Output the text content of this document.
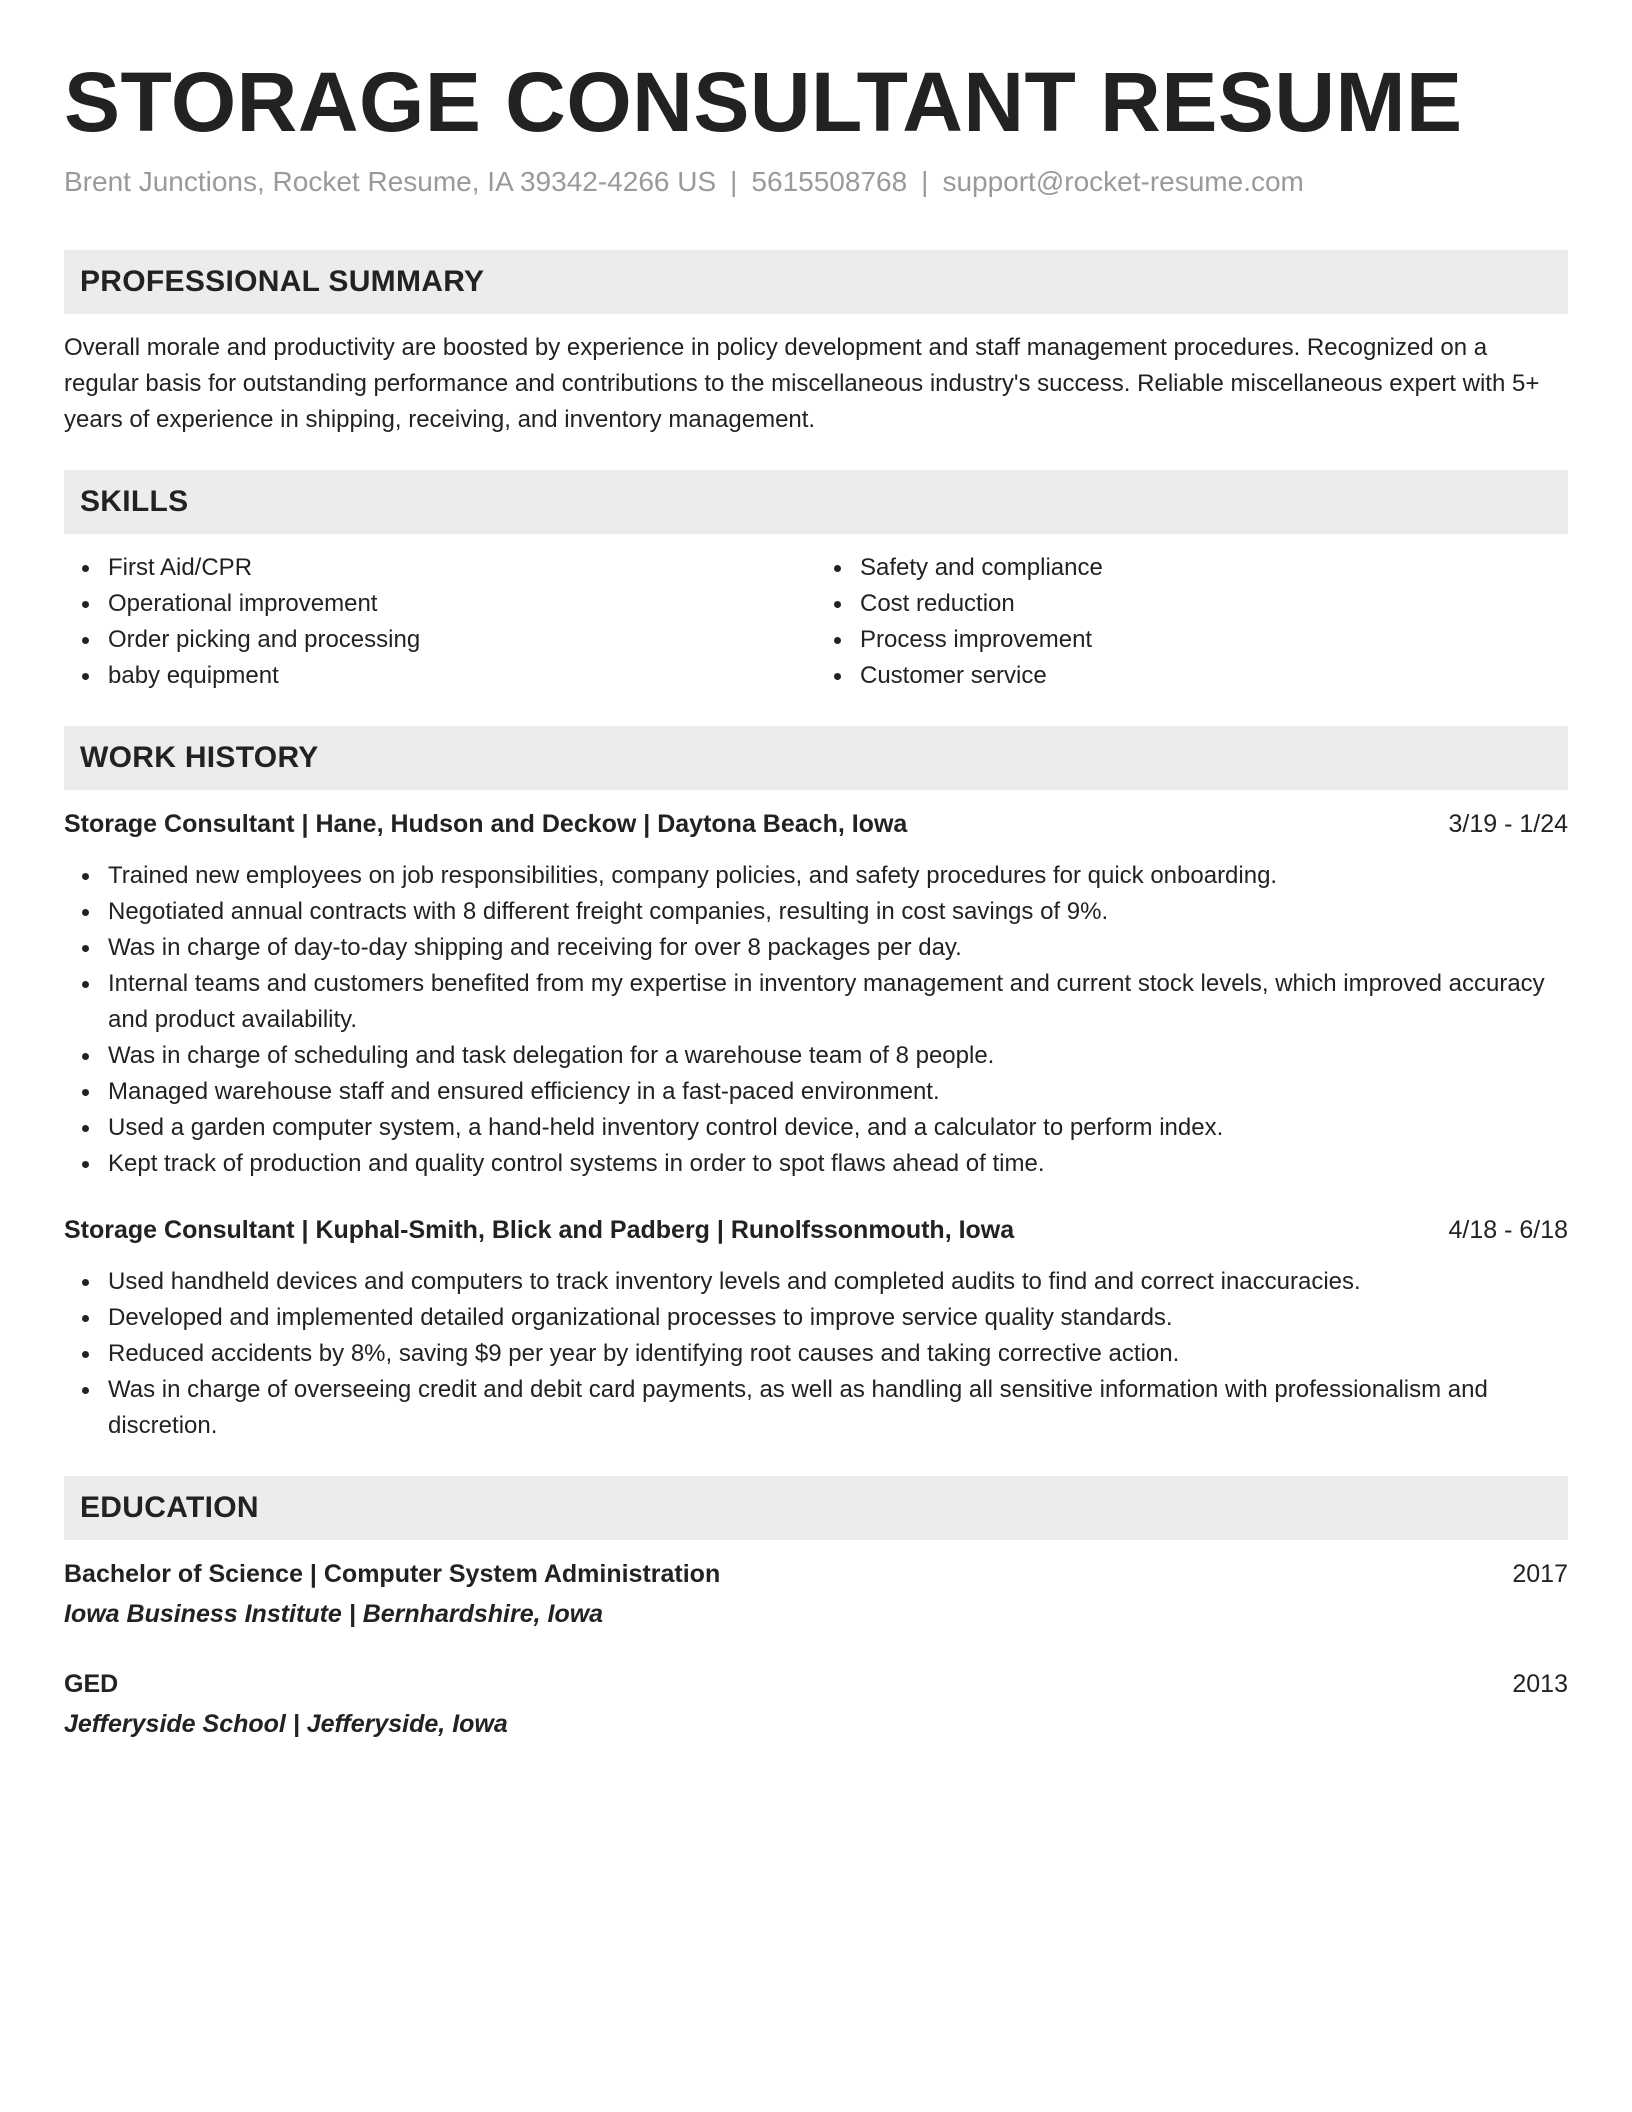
STORAGE CONSULTANT RESUME
Brent Junctions, Rocket Resume, IA 39342-4266 US | 5615508768 | support@rocket-resume.com
PROFESSIONAL SUMMARY

Overall morale and productivity are boosted by experience in policy development and staff management procedures. Recognized on a regular basis for outstanding performance and contributions to the miscellaneous industry's success. Reliable miscellaneous expert with 5+ years of experience in shipping, receiving, and inventory management.

SKILLS
First Aid/CPR
Operational improvement
Order picking and processing
baby equipment
Safety and compliance
Cost reduction
Process improvement
Customer service
WORK HISTORY
Storage Consultant | Hane, Hudson and Deckow | Daytona Beach, Iowa	3/19 - 1/24
Trained new employees on job responsibilities, company policies, and safety procedures for quick onboarding.
Negotiated annual contracts with 8 different freight companies, resulting in cost savings of 9%.
Was in charge of day-to-day shipping and receiving for over 8 packages per day.
Internal teams and customers benefited from my expertise in inventory management and current stock levels, which improved accuracy and product availability.
Was in charge of scheduling and task delegation for a warehouse team of 8 people.
Managed warehouse staff and ensured efficiency in a fast-paced environment.
Used a garden computer system, a hand-held inventory control device, and a calculator to perform index.
Kept track of production and quality control systems in order to spot flaws ahead of time.
Storage Consultant | Kuphal-Smith, Blick and Padberg | Runolfssonmouth, Iowa	4/18 - 6/18
Used handheld devices and computers to track inventory levels and completed audits to find and correct inaccuracies.
Developed and implemented detailed organizational processes to improve service quality standards.
Reduced accidents by 8%, saving $9 per year by identifying root causes and taking corrective action.
Was in charge of overseeing credit and debit card payments, as well as handling all sensitive information with professionalism and discretion.
EDUCATION
Bachelor of Science | Computer System Administration	2017
Iowa Business Institute | Bernhardshire, Iowa
GED	2013
Jefferyside School | Jefferyside, Iowa
